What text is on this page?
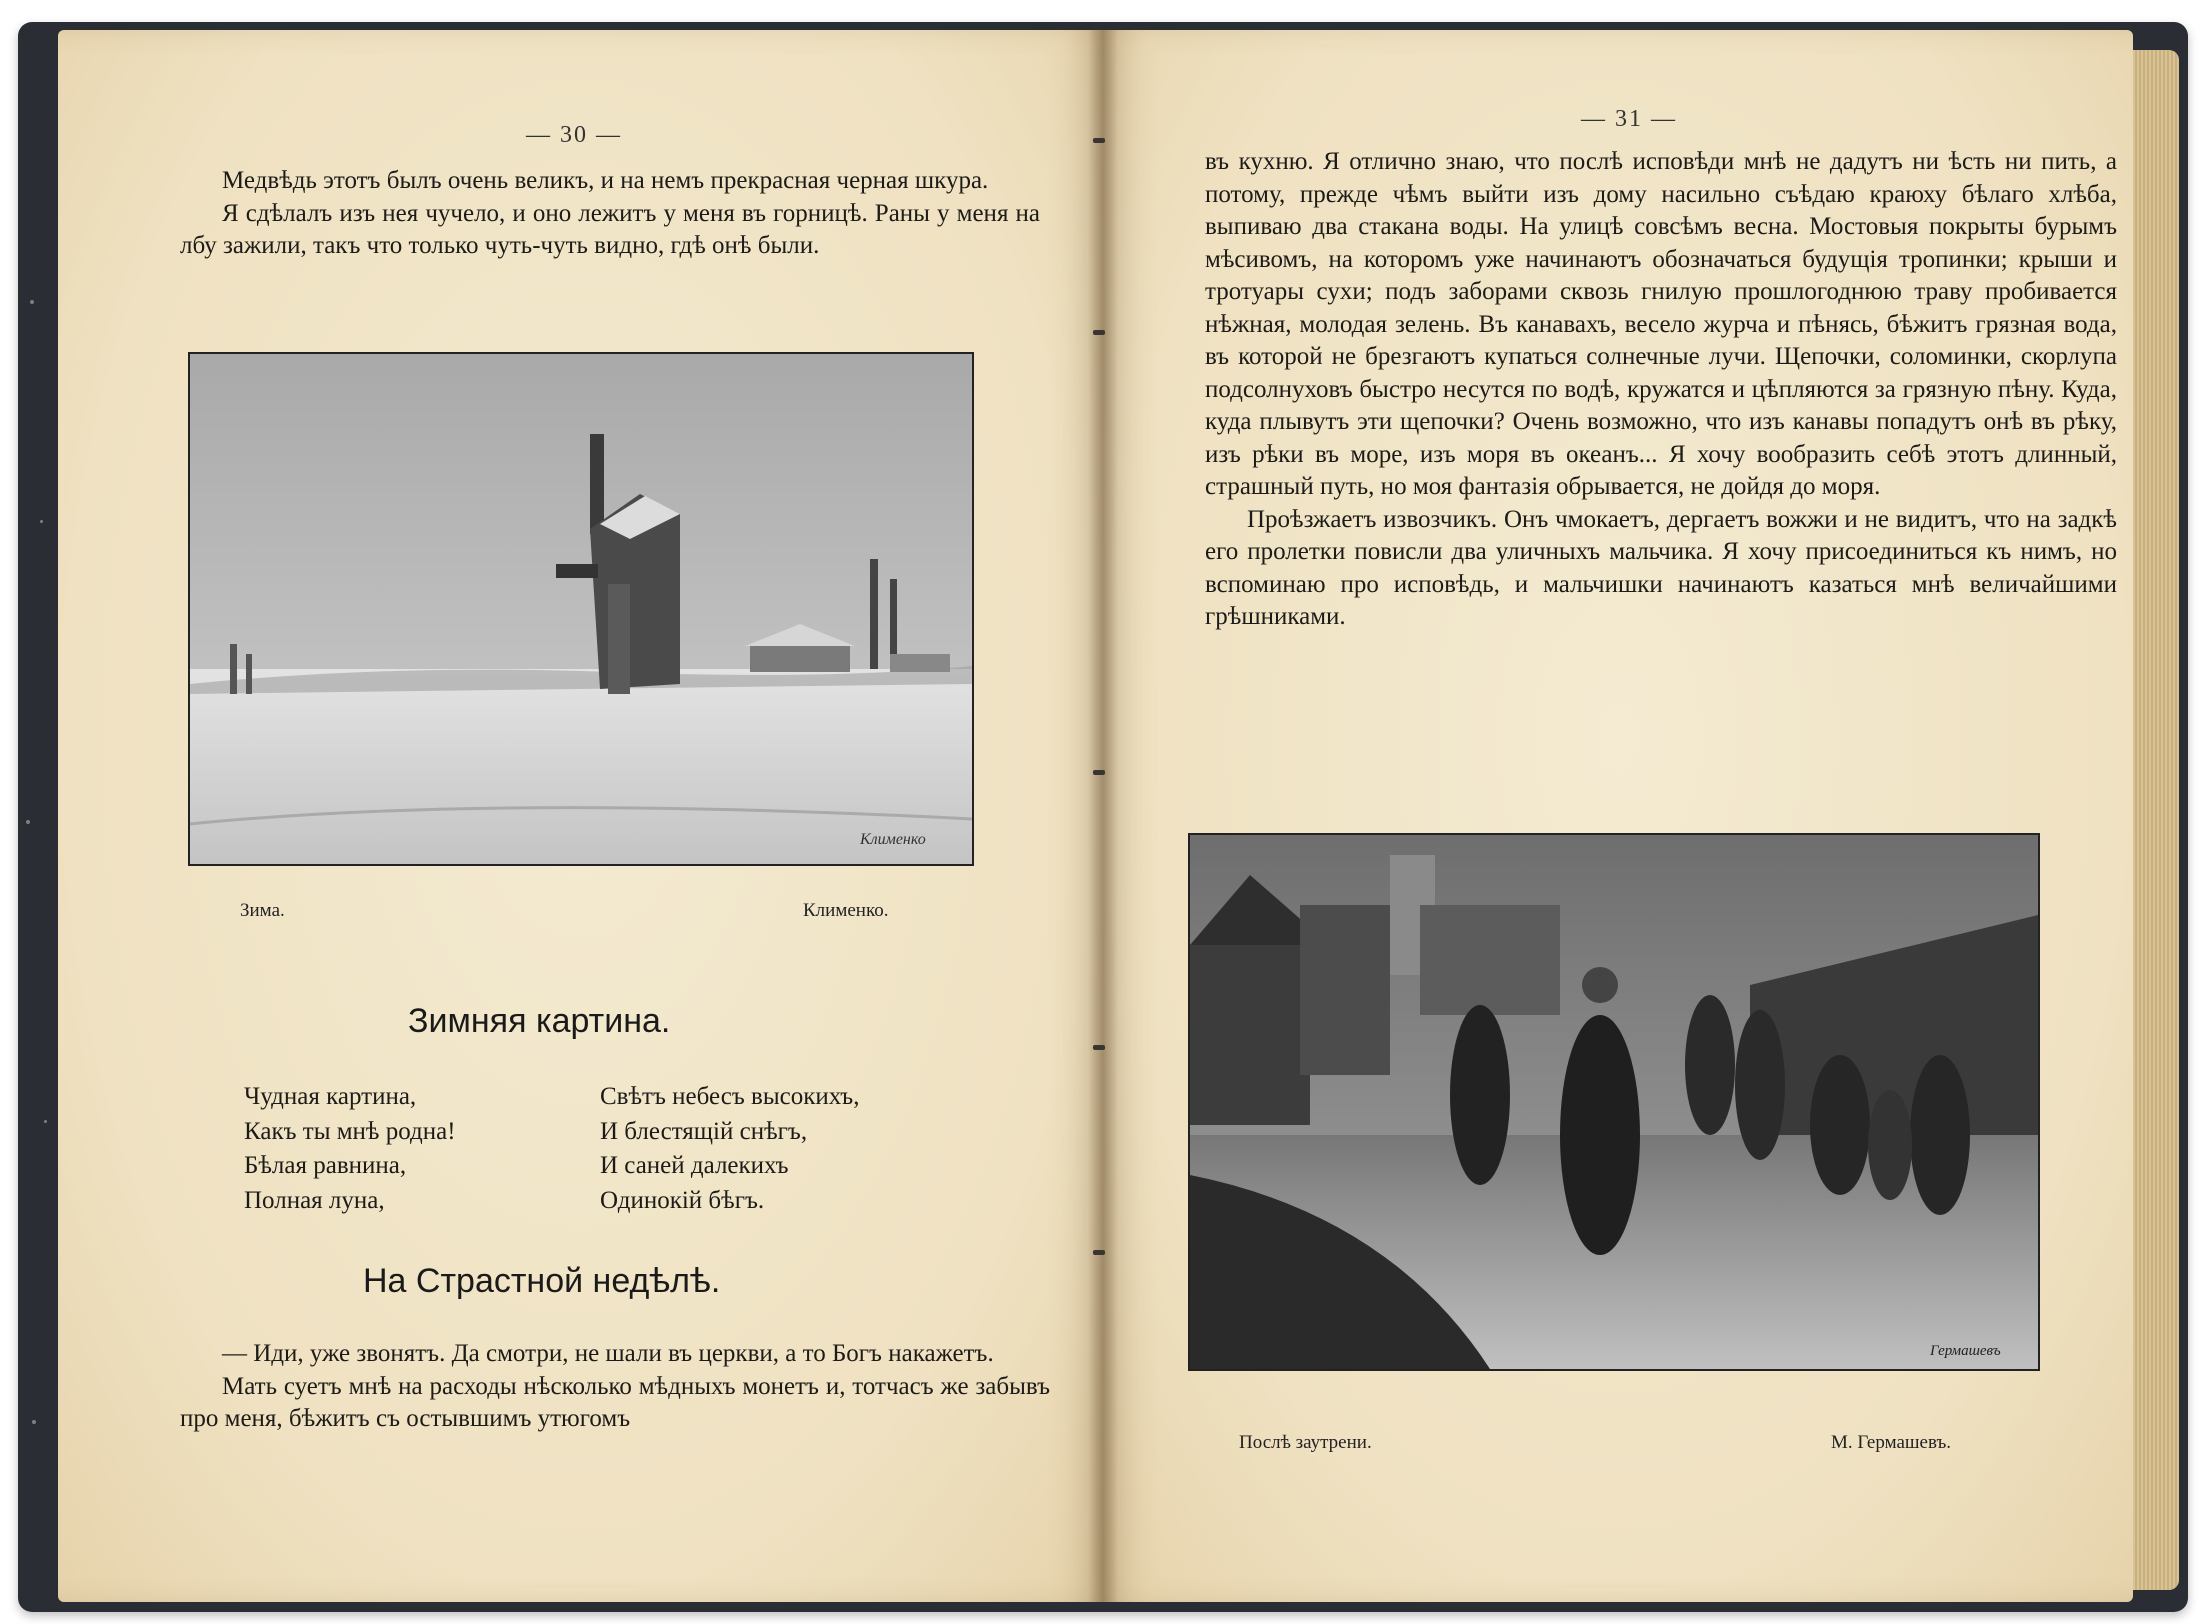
— 30 —

Медвѣдь этотъ былъ очень великъ, и на немъ прекрасная черная шкура.

Я сдѣлалъ изъ нея чучело, и оно лежитъ у меня въ горницѣ. Раны у меня на лбу зажили, такъ что только чуть-чуть видно, гдѣ онѣ были.

Клименко
Зима.	Клименко.
Зимняя картина.
Чудная картина,
Какъ ты мнѣ родна!
Бѣлая равнина,
Полная луна,
Свѣтъ небесъ высокихъ,
И блестящій снѣгъ,
И саней далекихъ
Одинокій бѣгъ.
На Страстной недѣлѣ.

— Иди, уже звонятъ. Да смотри, не шали въ церкви, а то Богъ накажетъ.

Мать суетъ мнѣ на расходы нѣсколько мѣдныхъ монетъ и, тотчасъ же забывъ про меня, бѣжитъ съ остывшимъ утюгомъ

— 31 —

въ кухню. Я отлично знаю, что послѣ исповѣди мнѣ не дадутъ ни ѣсть ни пить, а потому, прежде чѣмъ выйти изъ дому насильно съѣдаю краюху бѣлаго хлѣба, выпиваю два стакана воды. На улицѣ совсѣмъ весна. Мостовыя покрыты бурымъ мѣсивомъ, на которомъ уже начинаютъ обозначаться будущія тропинки; крыши и тротуары сухи; подъ заборами сквозь гнилую прошлогоднюю траву пробивается нѣжная, молодая зелень. Въ канавахъ, весело журча и пѣнясь, бѣжитъ грязная вода, въ которой не брезгаютъ купаться солнечные лучи. Щепочки, соломинки, скорлупа подсолнуховъ быстро несутся по водѣ, кружатся и цѣпляются за грязную пѣну. Куда, куда плывутъ эти щепочки? Очень возможно, что изъ канавы попадутъ онѣ въ рѣку, изъ рѣки въ море, изъ моря въ океанъ... Я хочу вообразить себѣ этотъ длинный, страшный путь, но моя фантазія обрывается, не дойдя до моря.

Проѣзжаетъ извозчикъ. Онъ чмокаетъ, дергаетъ вожжи и не видитъ, что на задкѣ его пролетки повисли два уличныхъ мальчика. Я хочу присоединиться къ нимъ, но вспоминаю про исповѣдь, и мальчишки начинаютъ казаться мнѣ величайшими грѣшниками.

Гермашевъ
Послѣ заутрени.	М. Гермашевъ.
